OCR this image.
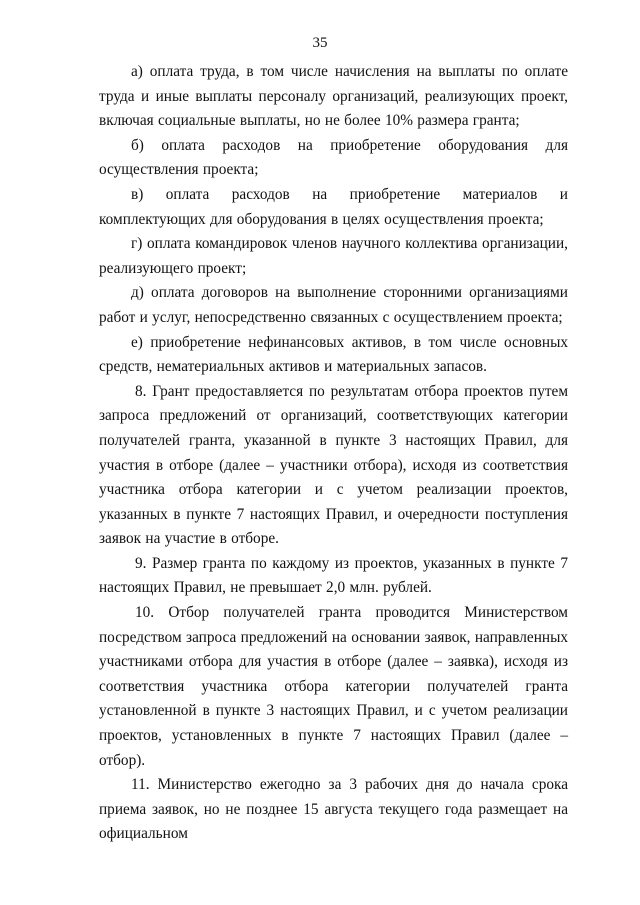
35

а) оплата труда, в том числе начисления на выплаты по оплате труда и иные выплаты персоналу организаций, реализующих проект, включая социальные выплаты, но не более 10% размера гранта;

б) оплата расходов на приобретение оборудования для осуществления проекта;

в) оплата расходов на приобретение материалов и комплектующих для оборудования в целях осуществления проекта;

г) оплата командировок членов научного коллектива организации, реализующего проект;

д) оплата договоров на выполнение сторонними организациями работ и услуг, непосредственно связанных с осуществлением проекта;

е) приобретение нефинансовых активов, в том числе основных средств, нематериальных активов и материальных запасов.

8. Грант предоставляется по результатам отбора проектов путем запроса предложений от организаций, соответствующих категории получателей гранта, указанной в пункте 3 настоящих Правил, для участия в отборе (далее – участники отбора), исходя из соответствия участника отбора категории и с учетом реализации проектов, указанных в пункте 7 настоящих Правил, и очередности поступления заявок на участие в отборе.

9. Размер гранта по каждому из проектов, указанных в пункте 7 настоящих Правил, не превышает 2,0 млн. рублей.

10. Отбор получателей гранта проводится Министерством посредством запроса предложений на основании заявок, направленных участниками отбора для участия в отборе (далее – заявка), исходя из соответствия участника отбора категории получателей гранта установленной в пункте 3 настоящих Правил, и с учетом реализации проектов, установленных в пункте 7 настоящих Правил (далее – отбор).

11. Министерство ежегодно за 3 рабочих дня до начала срока приема заявок, но не позднее 15 августа текущего года размещает на официальном
